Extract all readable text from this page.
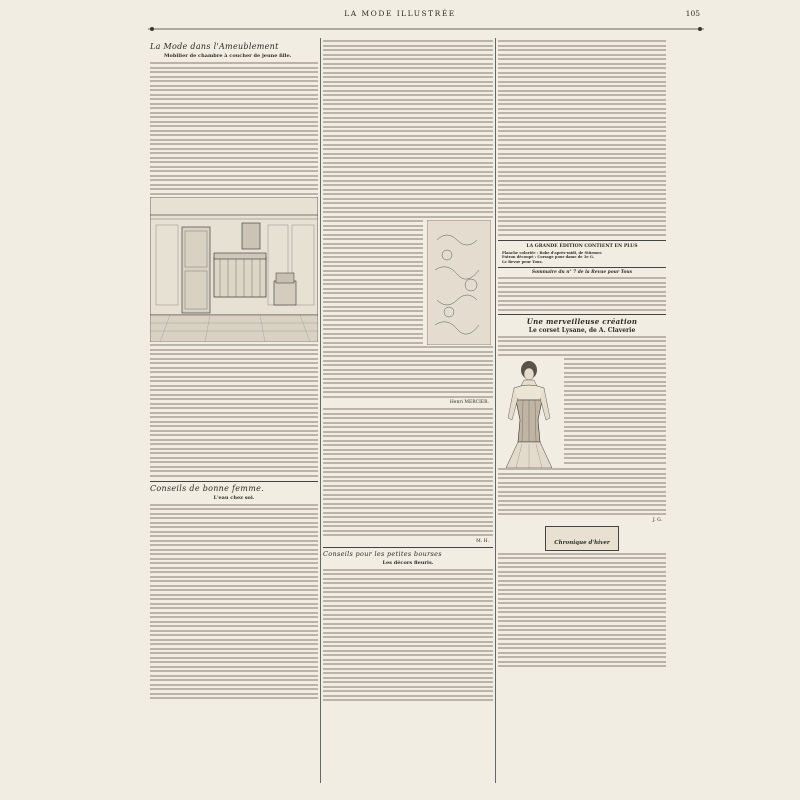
LA MODE ILLUSTRÉE	105
La Mode dans l'Ameublement
Mobilier de chambre à coucher de jeune fille.
Conseils de bonne femme.
L'eau chez soi.
Henri MERCIER.
M. H.
Conseils pour les petites bourses
Les décors fleuris.
LA GRANDE ÉDITION CONTIENT EN PLUS
Planche coloriée : Robe d'après-midi, de Stürmer.
Patron découpé : Corsage pour dame de 3e G.
Le Revue pour Tous.
Sommaire du n° 7 de la Revue pour Tous
Une merveilleuse création
Le corset Lysane, de A. Claverie
J. G.
Chronique d'hiver
